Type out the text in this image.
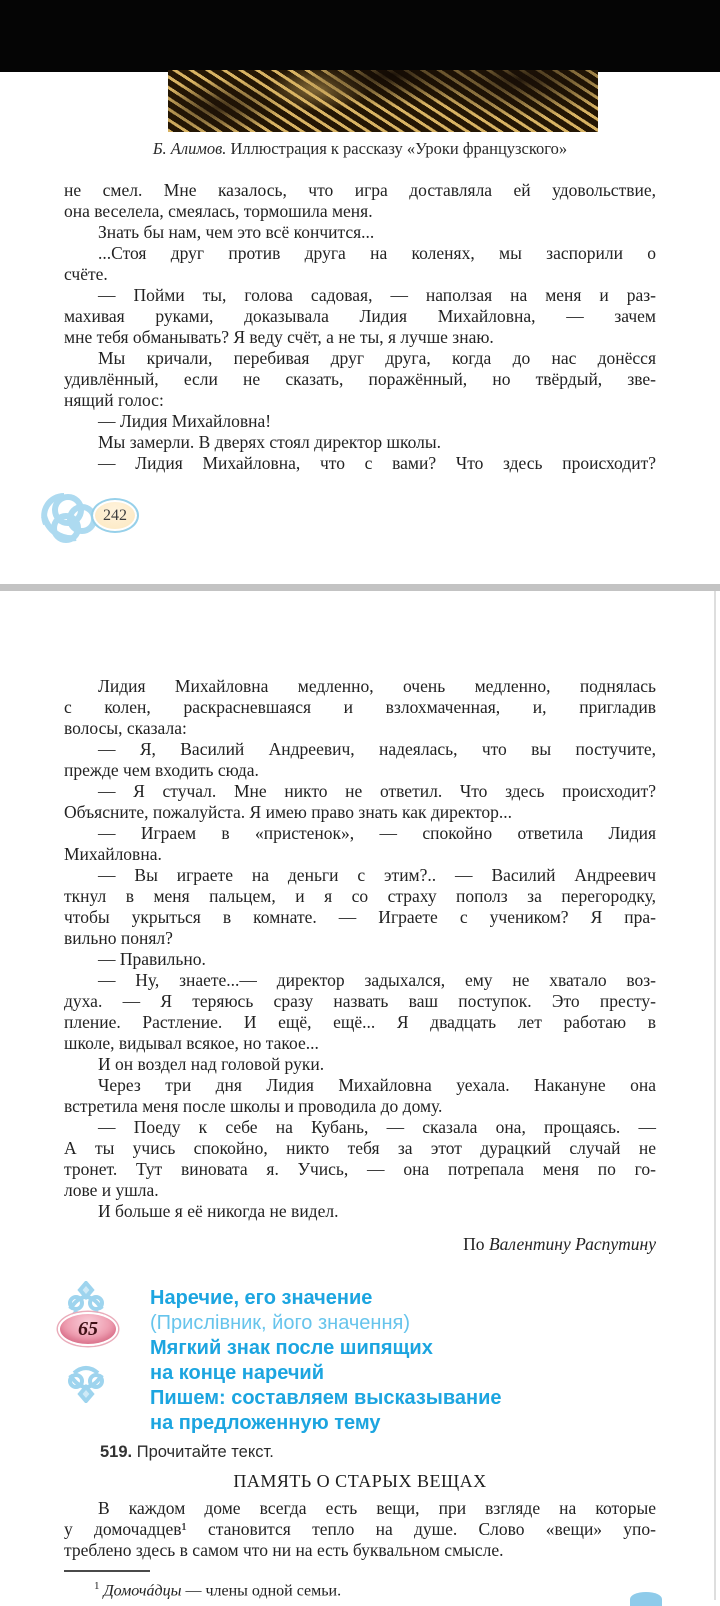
Б. Алимов. Иллюстрация к рассказу «Уроки французского»
не смел. Мне казалось, что игра доставляла ей удовольствие,
она веселела, смеялась, тормошила меня.
Знать бы нам, чем это всё кончится...
...Стоя друг против друга на коленях, мы заспорили о
счёте.
— Пойми ты, голова садовая, — наползая на меня и раз-
махивая руками, доказывала Лидия Михайловна, — зачем
мне тебя обманывать? Я веду счёт, а не ты, я лучше знаю.
Мы кричали, перебивая друг друга, когда до нас донёсся
удивлённый, если не сказать, поражённый, но твёрдый, зве-
нящий голос:
— Лидия Михайловна!
Мы замерли. В дверях стоял директор школы.
— Лидия Михайловна, что с вами? Что здесь происходит?
242
Лидия Михайловна медленно, очень медленно, поднялась
с колен, раскрасневшаяся и взлохмаченная, и, пригладив
волосы, сказала:
— Я, Василий Андреевич, надеялась, что вы постучите,
прежде чем входить сюда.
— Я стучал. Мне никто не ответил. Что здесь происходит?
Объясните, пожалуйста. Я имею право знать как директор...
— Играем в «пристенок», — спокойно ответила Лидия
Михайловна.
— Вы играете на деньги с этим?.. — Василий Андреевич
ткнул в меня пальцем, и я со страху пополз за перегородку,
чтобы укрыться в комнате. — Играете с учеником? Я пра-
вильно понял?
— Правильно.
— Ну, знаете...— директор задыхался, ему не хватало воз-
духа. — Я теряюсь сразу назвать ваш поступок. Это престу-
пление. Растление. И ещё, ещё... Я двадцать лет работаю в
школе, видывал всякое, но такое...
И он воздел над головой руки.
Через три дня Лидия Михайловна уехала. Накануне она
встретила меня после школы и проводила до дому.
— Поеду к себе на Кубань, — сказала она, прощаясь. —
А ты учись спокойно, никто тебя за этот дурацкий случай не
тронет. Тут виновата я. Учись, — она потрепала меня по го-
лове и ушла.
И больше я её никогда не видел.
По Валентину Распутину
65
Наречие, его значение
(Прислівник, його значення)
Мягкий знак после шипящих
на конце наречий
Пишем: составляем высказывание
на предложенную тему
519. Прочитайте текст.
ПАМЯТЬ О СТАРЫХ ВЕЩАХ
В каждом доме всегда есть вещи, при взгляде на которые
у домочадцев¹ становится тепло на душе. Слово «вещи» упо-
треблено здесь в самом что ни на есть буквальном смысле.
$^1$ Домочáдцы — члены одной семьи.
